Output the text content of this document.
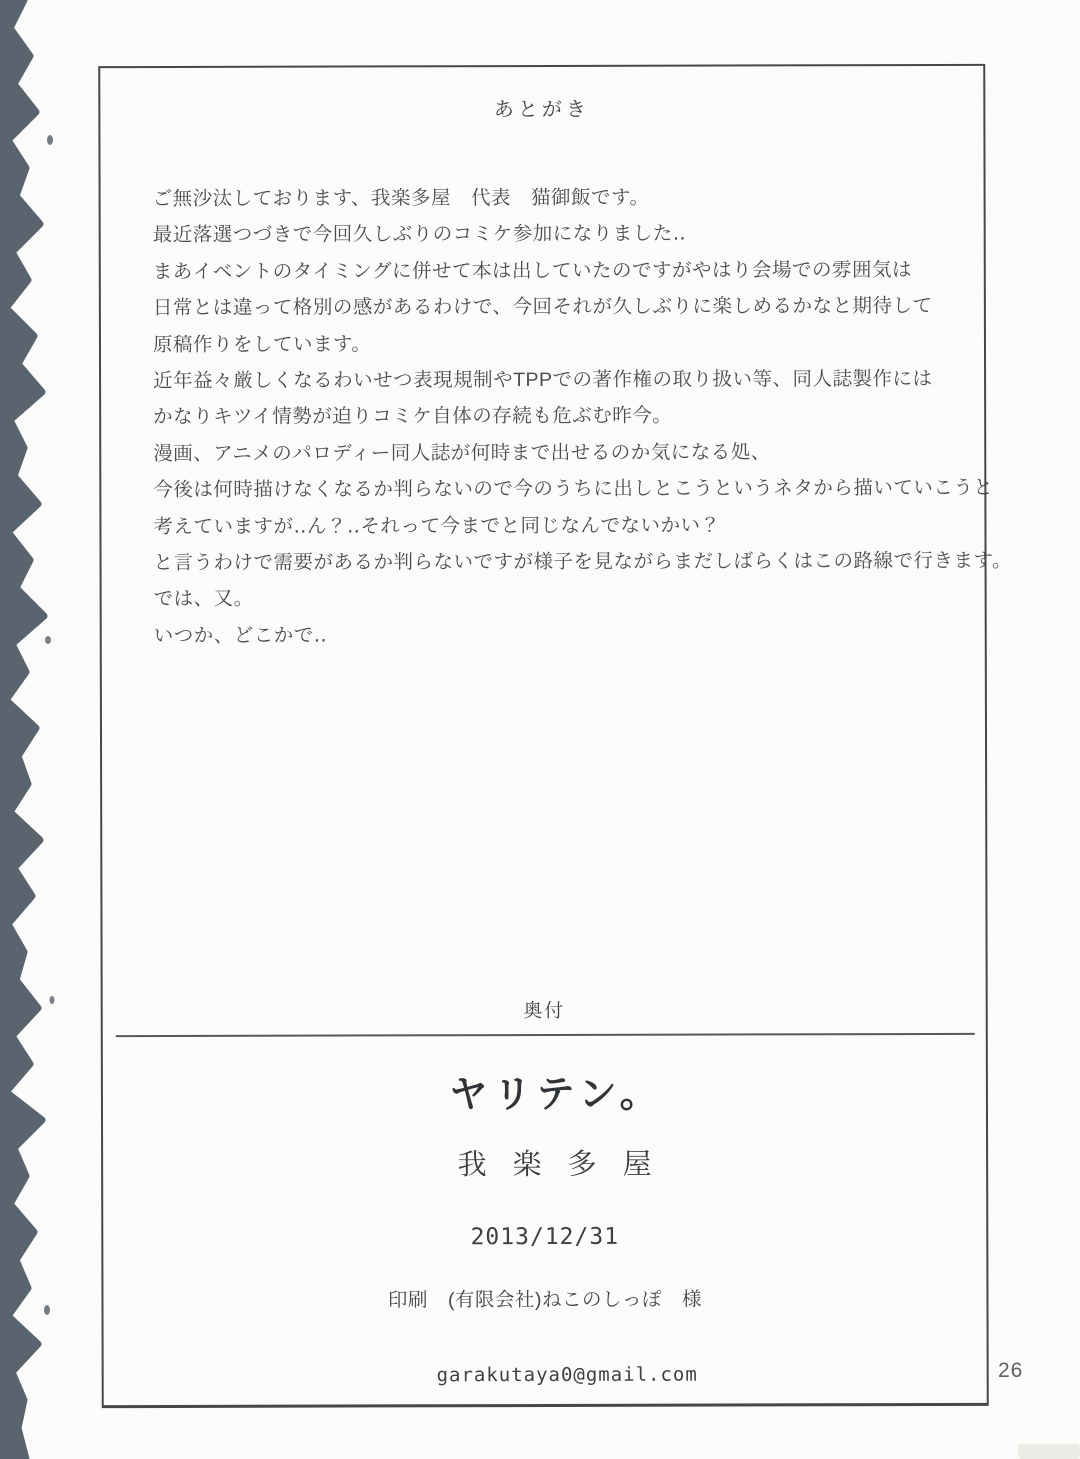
あとがき

ご無沙汰しております、我楽多屋　代表　猫御飯です。

最近落選つづきで今回久しぶりのコミケ参加になりました‥

まあイベントのタイミングに併せて本は出していたのですがやはり会場での雰囲気は

日常とは違って格別の感があるわけで、今回それが久しぶりに楽しめるかなと期待して

原稿作りをしています。

近年益々厳しくなるわいせつ表現規制やTPPでの著作権の取り扱い等、同人誌製作には

かなりキツイ情勢が迫りコミケ自体の存続も危ぶむ昨今。

漫画、アニメのパロディー同人誌が何時まで出せるのか気になる処、

今後は何時描けなくなるか判らないので今のうちに出しとこうというネタから描いていこうと

考えていますが‥ん？‥それって今までと同じなんでないかい？

と言うわけで需要があるか判らないですが様子を見ながらまだしばらくはこの路線で行きます。

では、又。

いつか、どこかで‥

奥付
ヤリテン。
我楽多屋
2013/12/31
印刷　(有限会社)ねこのしっぽ　様
garakutaya0@gmail.com	26
